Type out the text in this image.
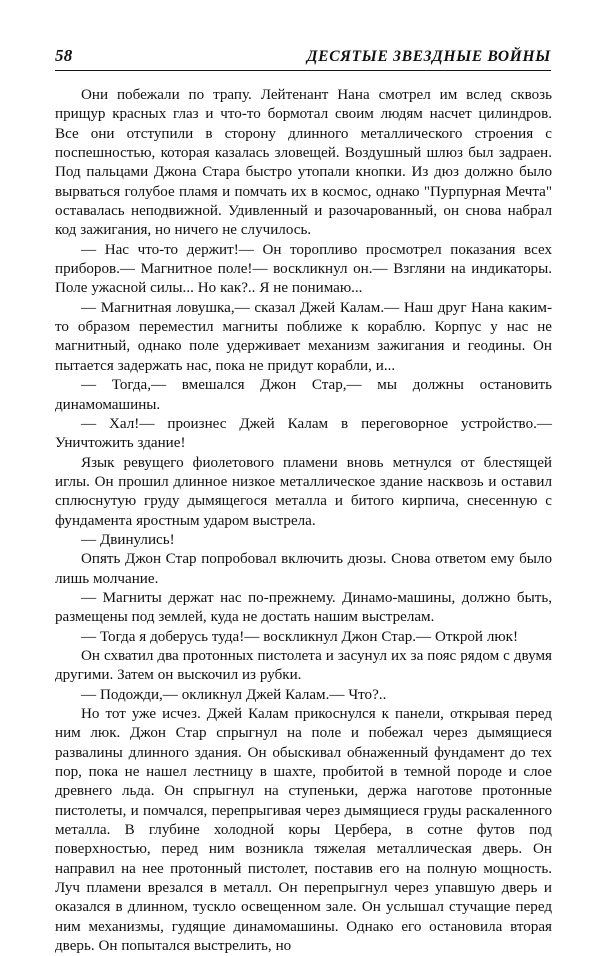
58	ДЕСЯТЫЕ ЗВЕЗДНЫЕ ВОЙНЫ

Они побежали по трапу. Лейтенант Нана смотрел им вслед сквозь прищур красных глаз и что-то бормотал своим людям насчет цилиндров. Все они отступили в сторону длинного металлического строения с поспешностью, которая казалась зловещей. Воздушный шлюз был задраен. Под пальцами Джона Стара быстро утопали кнопки. Из дюз должно было вырваться голубое пламя и помчать их в космос, однако "Пурпурная Мечта" оставалась неподвижной. Удивленный и разочарованный, он снова набрал код зажигания, но ничего не случилось.

— Нас что-то держит!— Он торопливо просмотрел показания всех приборов.— Магнитное поле!— воскликнул он.— Взгляни на индикаторы. Поле ужасной силы... Но как?.. Я не понимаю...

— Магнитная ловушка,— сказал Джей Калам.— Наш друг Нана каким-то образом переместил магниты поближе к кораблю. Корпус у нас не магнитный, однако поле удерживает механизм зажигания и геодины. Он пытается задержать нас, пока не придут корабли, и...

— Тогда,— вмешался Джон Стар,— мы должны остановить динамомашины.

— Хал!— произнес Джей Калам в переговорное устройство.— Уничтожить здание!

Язык ревущего фиолетового пламени вновь метнулся от блестящей иглы. Он прошил длинное низкое металлическое здание насквозь и оставил сплюснутую груду дымящегося металла и битого кирпича, снесенную с фундамента яростным ударом выстрела.

— Двинулись!

Опять Джон Стар попробовал включить дюзы. Снова ответом ему было лишь молчание.

— Магниты держат нас по-прежнему. Динамо-машины, должно быть, размещены под землей, куда не достать нашим выстрелам.

— Тогда я доберусь туда!— воскликнул Джон Стар.— Открой люк!

Он схватил два протонных пистолета и засунул их за пояс рядом с двумя другими. Затем он выскочил из рубки.

— Подожди,— окликнул Джей Калам.— Что?..

Но тот уже исчез. Джей Калам прикоснулся к панели, открывая перед ним люк. Джон Стар спрыгнул на поле и побежал через дымящиеся развалины длинного здания. Он обыскивал обнаженный фундамент до тех пор, пока не нашел лестницу в шахте, пробитой в темной породе и слое древнего льда. Он спрыгнул на ступеньки, держа наготове протонные пистолеты, и помчался, перепрыгивая через дымящиеся груды раскаленного металла. В глубине холодной коры Цербера, в сотне футов под поверхностью, перед ним возникла тяжелая металлическая дверь. Он направил на нее протонный пистолет, поставив его на полную мощность. Луч пламени врезался в металл. Он перепрыгнул через упавшую дверь и оказался в длинном, тускло освещенном зале. Он услышал стучащие перед ним механизмы, гудящие динамомашины. Однако его остановила вторая дверь. Он попытался выстрелить, но
